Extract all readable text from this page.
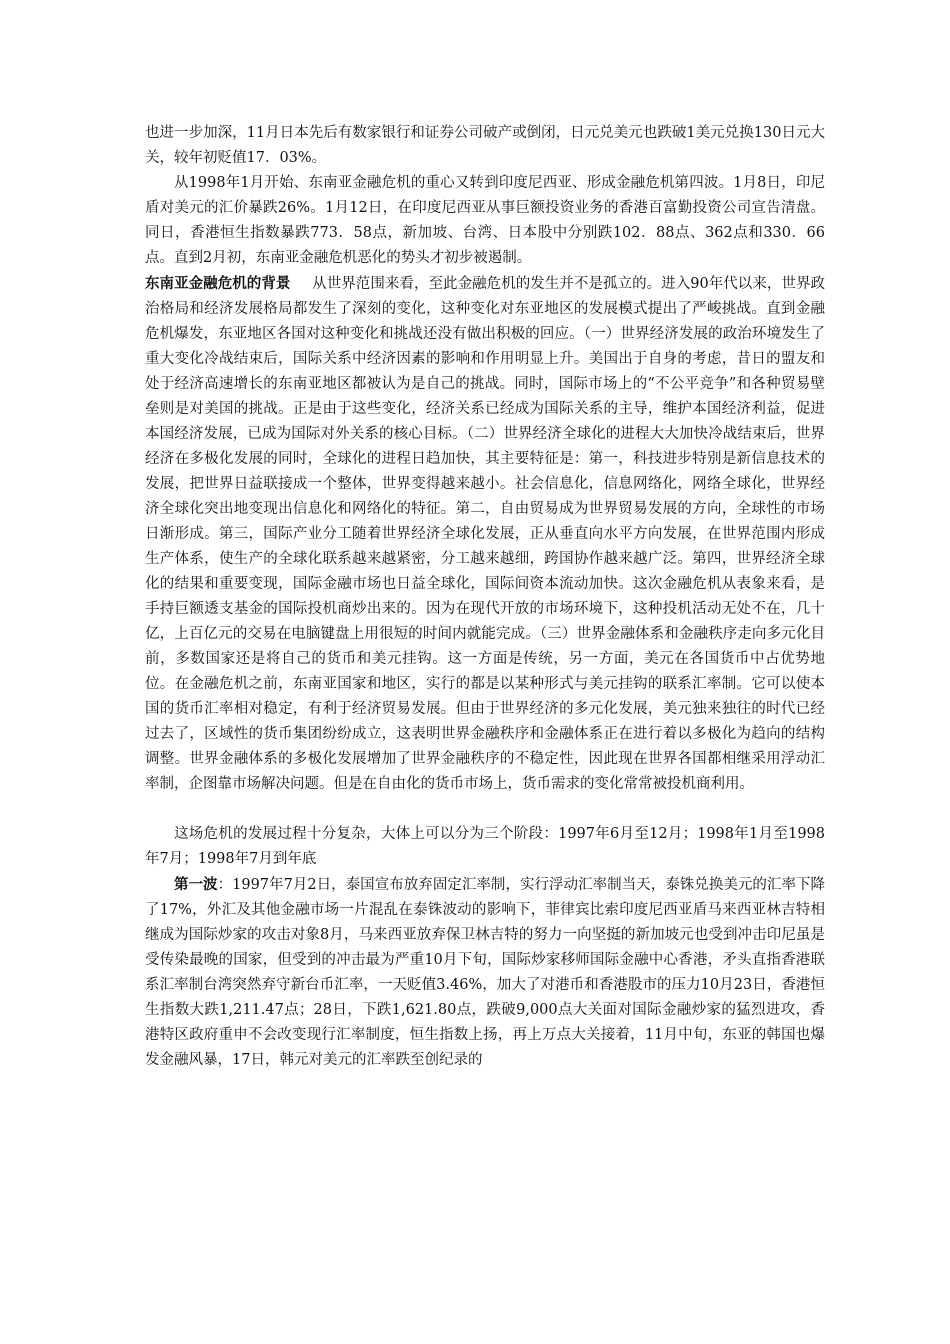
也进一步加深，11月日本先后有数家银行和证券公司破产或倒闭，日元兑美元也跌破1美元兑换130日元大关，较年初贬值17．03%。

从1998年1月开始、东南亚金融危机的重心又转到印度尼西亚、形成金融危机第四波。1月8日，印尼盾对美元的汇价暴跌26%。1月12日，在印度尼西亚从事巨额投资业务的香港百富勤投资公司宣告清盘。同日，香港恒生指数暴跌773．58点，新加坡、台湾、日本股中分别跌102．88点、362点和330．66点。直到2月初，东南亚金融危机恶化的势头才初步被遏制。

东南亚金融危机的背景 从世界范围来看，至此金融危机的发生并不是孤立的。进入90年代以来，世界政治格局和经济发展格局都发生了深刻的变化，这种变化对东亚地区的发展模式提出了严峻挑战。直到金融危机爆发，东亚地区各国对这种变化和挑战还没有做出积极的回应。（一）世界经济发展的政治环境发生了重大变化冷战结束后，国际关系中经济因素的影响和作用明显上升。美国出于自身的考虑，昔日的盟友和处于经济高速增长的东南亚地区都被认为是自己的挑战。同时，国际市场上的“不公平竞争”和各种贸易壁垒则是对美国的挑战。正是由于这些变化，经济关系已经成为国际关系的主导，维护本国经济利益，促进本国经济发展，已成为国际对外关系的核心目标。（二）世界经济全球化的进程大大加快冷战结束后，世界经济在多极化发展的同时，全球化的进程日趋加快，其主要特征是：第一，科技进步特别是新信息技术的发展，把世界日益联接成一个整体，世界变得越来越小。社会信息化，信息网络化，网络全球化，世界经济全球化突出地变现出信息化和网络化的特征。第二，自由贸易成为世界贸易发展的方向，全球性的市场日渐形成。第三，国际产业分工随着世界经济全球化发展，正从垂直向水平方向发展，在世界范围内形成生产体系，使生产的全球化联系越来越紧密，分工越来越细，跨国协作越来越广泛。第四，世界经济全球化的结果和重要变现，国际金融市场也日益全球化，国际间资本流动加快。这次金融危机从表象来看，是手持巨额透支基金的国际投机商炒出来的。因为在现代开放的市场环境下，这种投机活动无处不在，几十亿，上百亿元的交易在电脑键盘上用很短的时间内就能完成。（三）世界金融体系和金融秩序走向多元化目前，多数国家还是将自己的货币和美元挂钩。这一方面是传统，另一方面，美元在各国货币中占优势地位。在金融危机之前，东南亚国家和地区，实行的都是以某种形式与美元挂钩的联系汇率制。它可以使本国的货币汇率相对稳定，有利于经济贸易发展。但由于世界经济的多元化发展，美元独来独往的时代已经过去了，区域性的货币集团纷纷成立，这表明世界金融秩序和金融体系正在进行着以多极化为趋向的结构调整。世界金融体系的多极化发展增加了世界金融秩序的不稳定性，因此现在世界各国都相继采用浮动汇率制，企图靠市场解决问题。但是在自由化的货币市场上，货币需求的变化常常被投机商利用。

这场危机的发展过程十分复杂，大体上可以分为三个阶段：1997年6月至12月；1998年1月至1998年7月；1998年7月到年底

第一波：1997年7月2日，泰国宣布放弃固定汇率制，实行浮动汇率制当天，泰铢兑换美元的汇率下降了17%，外汇及其他金融市场一片混乱在泰铢波动的影响下，菲律宾比索印度尼西亚盾马来西亚林吉特相继成为国际炒家的攻击对象8月，马来西亚放弃保卫林吉特的努力一向坚挺的新加坡元也受到冲击印尼虽是受传染最晚的国家，但受到的冲击最为严重10月下旬，国际炒家移师国际金融中心香港，矛头直指香港联系汇率制台湾突然弃守新台币汇率，一天贬值3.46%，加大了对港币和香港股市的压力10月23日，香港恒生指数大跌1,211.47点；28日，下跌1,621.80点，跌破9,000点大关面对国际金融炒家的猛烈进攻，香港特区政府重申不会改变现行汇率制度，恒生指数上扬，再上万点大关接着，11月中旬，东亚的韩国也爆发金融风暴，17日，韩元对美元的汇率跌至创纪录的
